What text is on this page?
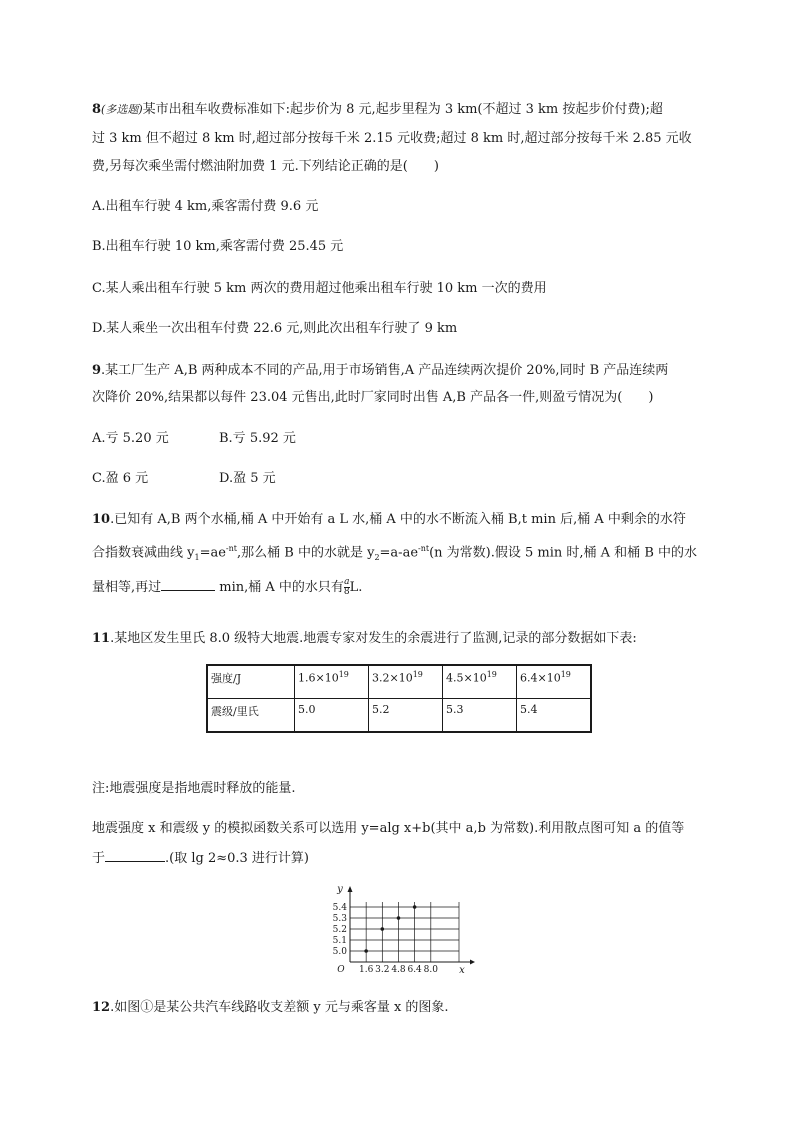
8(多选题)某市出租车收费标准如下:起步价为 8 元,起步里程为 3 km(不超过 3 km 按起步价付费);超
过 3 km 但不超过 8 km 时,超过部分按每千米 2.15 元收费;超过 8 km 时,超过部分按每千米 2.85 元收
费,另每次乘坐需付燃油附加费 1 元.下列结论正确的是(　　)
A.出租车行驶 4 km,乘客需付费 9.6 元
B.出租车行驶 10 km,乘客需付费 25.45 元
C.某人乘出租车行驶 5 km 两次的费用超过他乘出租车行驶 10 km 一次的费用
D.某人乘坐一次出租车付费 22.6 元,则此次出租车行驶了 9 km
9.某工厂生产 A,B 两种成本不同的产品,用于市场销售,A 产品连续两次提价 20%,同时 B 产品连续两
次降价 20%,结果都以每件 23.04 元售出,此时厂家同时出售 A,B 产品各一件,则盈亏情况为(　　)
A.亏 5.20 元	B.亏 5.92 元
C.盈 6 元	D.盈 5 元
10.已知有 A,B 两个水桶,桶 A 中开始有 a L 水,桶 A 中的水不断流入桶 B,t min 后,桶 A 中剩余的水符
合指数衰减曲线 $y_1=ae^{-nt}$,那么桶 B 中的水就是 $y_2=a-ae^{-nt}(n$ 为常数).假设 5 min 时,桶 A 和桶 B 中的水
量相等,再过	min,桶 A 中的水只有$\frac{a}{8} L$.
11.某地区发生里氏 8.0 级特大地震.地震专家对发生的余震进行了监测,记录的部分数据如下表:
强度/J	$1.6\times 10^{19}$	$3.2\times 10^{19}$	$4.5\times 10^{19}$	$6.4\times 10^{19}$
震级/里氏	5.0	5.2	5.3	5.4
注:地震强度是指地震时释放的能量.
地震强度 x 和震级 y 的模拟函数关系可以选用 y=alg x+b(其中 a,b 为常数).利用散点图可知 a 的值等
于	.(取 lg 2≈0.3 进行计算)
1.6 3.2 4.8 6.4 8.0
5.0
5.1
5.2
5.3
5.4
O	x
y
12.如图①是某公共汽车线路收支差额 y 元与乘客量 x 的图象.
